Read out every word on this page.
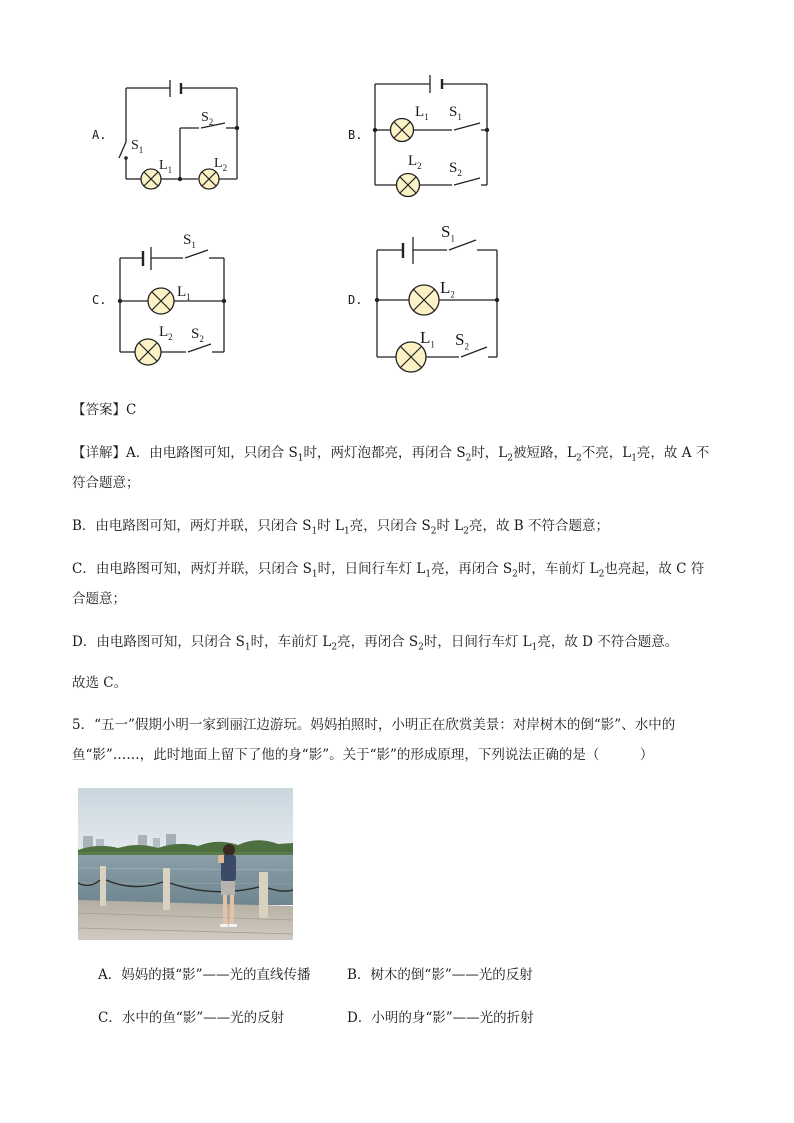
A.
$S_1$
$S_2$
$L_1$	$L_2$
B.
$L_1$ $S_1$
$L_2$ $S_2$
C.
$S_1$
$L_1$
$L_2$ $S_2$
D.
$S_1$
$L_2$
$L_1$ $S_2$
【答案】C
【详解】A．由电路图可知，只闭合 $S_1$时，两灯泡都亮，再闭合 $S_2$时，$L_2$被短路，$L_2$不亮，$L_1$亮，故 A 不
符合题意；
B．由电路图可知，两灯并联，只闭合 $S_1$时 $L_1$亮，只闭合 $S_2$时 $L_2$亮，故 B 不符合题意；
C．由电路图可知，两灯并联，只闭合 $S_1$时，日间行车灯 $L_1$亮，再闭合 $S_2$时，车前灯 $L_2$也亮起，故 C 符
合题意；
D．由电路图可知，只闭合 $S_1$时，车前灯 $L_2$亮，再闭合 $S_2$时，日间行车灯 $L_1$亮，故 D 不符合题意。
故选 C。
5．“五一”假期小明一家到丽江边游玩。妈妈拍照时，小明正在欣赏美景：对岸树木的倒“影”、水中的
鱼“影”……，此时地面上留下了他的身“影”。关于“影”的形成原理，下列说法正确的是（　　　）
A．妈妈的摄“影”——光的直线传播	B．树木的倒“影”——光的反射
C．水中的鱼“影”——光的反射	D．小明的身“影”——光的折射
